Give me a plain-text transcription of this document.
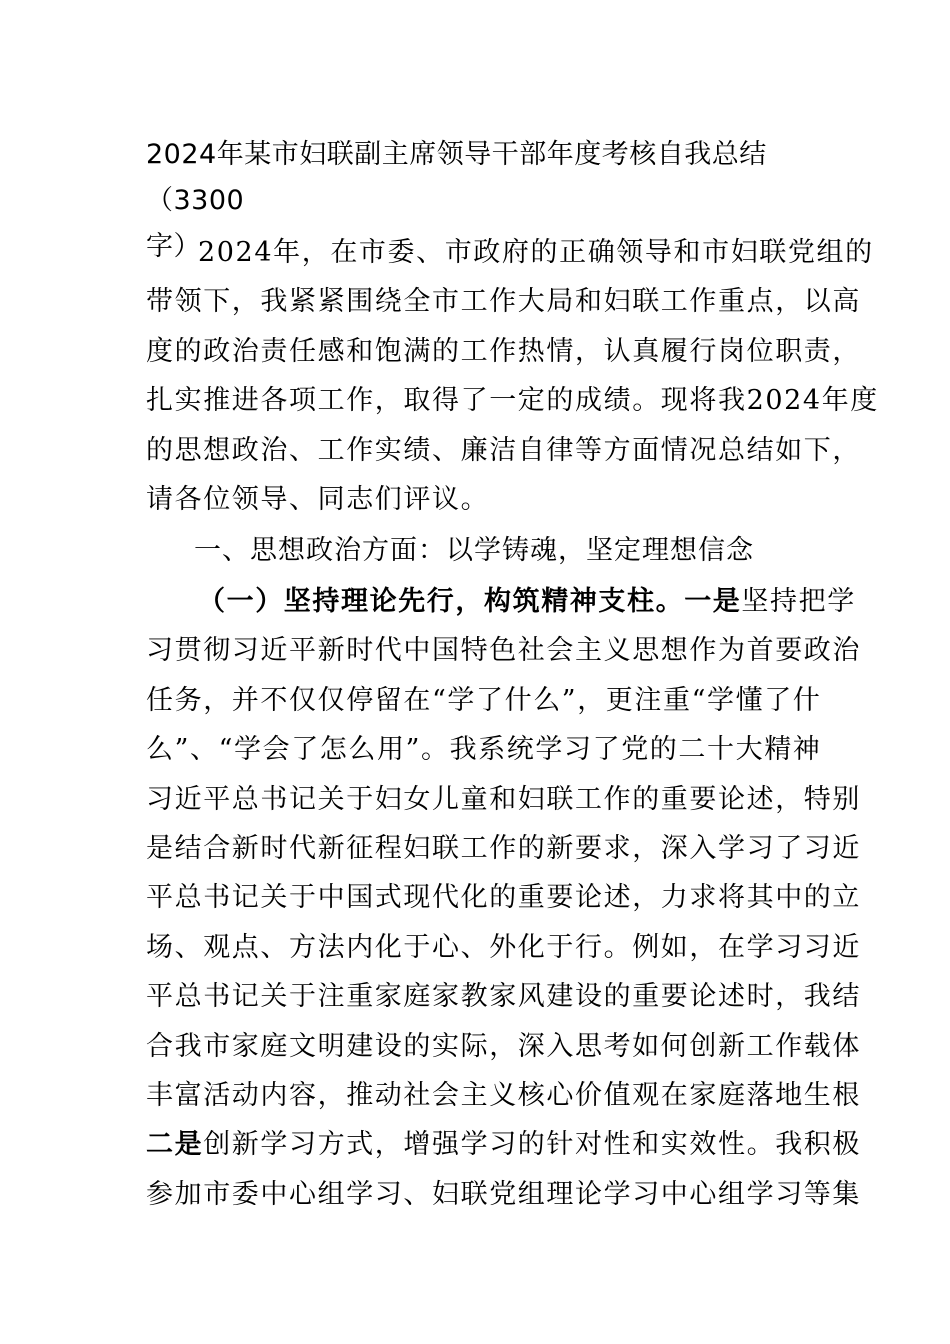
2024年某市妇联副主席领导干部年度考核自我总结（3300
字）
2024年，在市委、市政府的正确领导和市妇联党组的
带领下，我紧紧围绕全市工作大局和妇联工作重点，以高
度的政治责任感和饱满的工作热情，认真履行岗位职责，
扎实推进各项工作，取得了一定的成绩。现将我2024年度
的思想政治、工作实绩、廉洁自律等方面情况总结如下，
请各位领导、同志们评议。
一、思想政治方面：以学铸魂，坚定理想信念
（一）坚持理论先行，构筑精神支柱。一是坚持把学
习贯彻习近平新时代中国特色社会主义思想作为首要政治
任务，并不仅仅停留在“学了什么”，更注重“学懂了什
么”、“学会了怎么用”。我系统学习了党的二十大精神
习近平总书记关于妇女儿童和妇联工作的重要论述，特别
是结合新时代新征程妇联工作的新要求，深入学习了习近
平总书记关于中国式现代化的重要论述，力求将其中的立
场、观点、方法内化于心、外化于行。例如，在学习习近
平总书记关于注重家庭家教家风建设的重要论述时，我结
合我市家庭文明建设的实际，深入思考如何创新工作载体
丰富活动内容，推动社会主义核心价值观在家庭落地生根
二是创新学习方式，增强学习的针对性和实效性。我积极
参加市委中心组学习、妇联党组理论学习中心组学习等集
